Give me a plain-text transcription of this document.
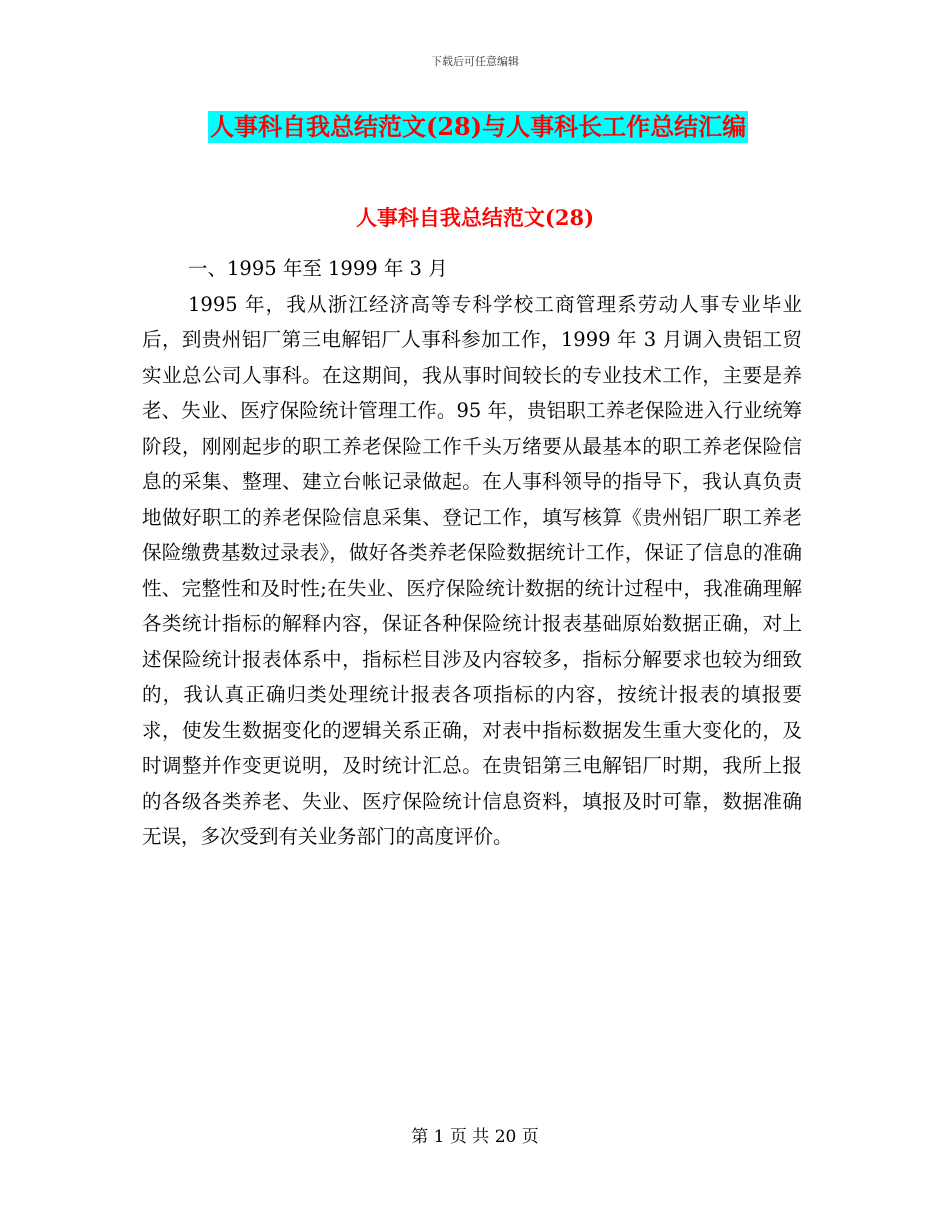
下载后可任意编辑
人事科自我总结范文(28)与人事科长工作总结汇编
人事科自我总结范文(28)

一、1995 年至 1999 年 3 月

1995 年，我从浙江经济高等专科学校工商管理系劳动人事专业毕业后，到贵州铝厂第三电解铝厂人事科参加工作，1999 年 3 月调入贵铝工贸实业总公司人事科。在这期间，我从事时间较长的专业技术工作，主要是养老、失业、医疗保险统计管理工作。95 年，贵铝职工养老保险进入行业统筹阶段，刚刚起步的职工养老保险工作千头万绪要从最基本的职工养老保险信息的采集、整理、建立台帐记录做起。在人事科领导的指导下，我认真负责地做好职工的养老保险信息采集、登记工作，填写核算《贵州铝厂职工养老保险缴费基数过录表》，做好各类养老保险数据统计工作，保证了信息的准确性、完整性和及时性;在失业、医疗保险统计数据的统计过程中，我准确理解各类统计指标的解释内容，保证各种保险统计报表基础原始数据正确，对上述保险统计报表体系中，指标栏目涉及内容较多，指标分解要求也较为细致的，我认真正确归类处理统计报表各项指标的内容，按统计报表的填报要求，使发生数据变化的逻辑关系正确，对表中指标数据发生重大变化的，及时调整并作变更说明，及时统计汇总。在贵铝第三电解铝厂时期，我所上报的各级各类养老、失业、医疗保险统计信息资料，填报及时可靠，数据准确无误，多次受到有关业务部门的高度评价。

第 1 页 共 20 页
